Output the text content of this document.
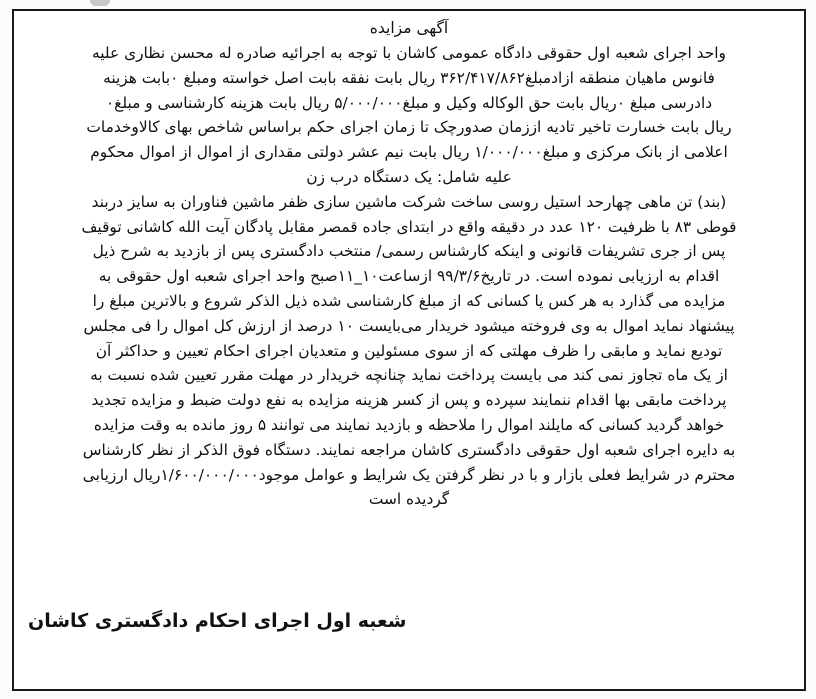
آگهی مزایده
واحد اجرای شعبه اول حقوقی دادگاه عمومی کاشان با توجه به اجرائیه صادره له محسن نظاری علیه
فانوس ماهیان منطقه ازادمبلغ۳۶۲/۴۱۷/۸۶۲ ریال بابت نفقه بابت اصل خواسته ومبلغ ۰بابت هزینه
دادرسی مبلغ ۰ریال بابت حق الوکاله وکیل و مبلغ۵/۰۰۰/۰۰۰ ریال بابت هزینه کارشناسی و مبلغ۰
ریال بابت خسارت تاخیر تادیه اززمان صدورچک تا زمان اجرای حکم براساس شاخص بهای کالاوخدمات
اعلامی از بانک مرکزی و مبلغ۱/۰۰۰/۰۰۰ ریال بابت نیم عشر دولتی مقداری از اموال از اموال محکوم
علیه شامل: یک دستگاه درب زن
(بند) تن ماهی چهارحد استیل روسی ساخت شرکت ماشین سازی ظفر ماشین فناوران به سایز دربند
قوطی ۸۳ با ظرفیت ۱۲۰ عدد در دقیقه واقع در ابتدای جاده قمصر مقابل پادگان آیت الله کاشانی توقیف
پس از جری تشریفات قانونی و اینکه کارشناس رسمی/ منتخب دادگستری پس از بازدید به شرح ذیل
اقدام به ارزیابی نموده است. در تاریخ۹۹/۳/۶ ازساعت۱۰_۱۱صبح واحد اجرای شعبه اول حقوقی به
مزایده می گذارد به هر کس یا کسانی که از مبلغ کارشناسی شده ذیل الذکر شروع و بالاترین مبلغ را
پیشنهاد نماید اموال به وی فروخته میشود خریدار می‌بایست ۱۰ درصد از ارزش کل اموال را فی مجلس
تودیع نماید و مابقی را ظرف مهلتی که از سوی مسئولین و متعدیان اجرای احکام تعیین و حداکثر آن
از یک ماه تجاوز نمی کند می بایست پرداخت نماید چنانچه خریدار در مهلت مقرر تعیین شده نسبت به
پرداخت مابقی بها اقدام ننمایند سپرده و پس از کسر هزینه مزایده به نفع دولت ضبط و مزایده تجدید
خواهد گردید کسانی که مایلند اموال را ملاحظه و بازدید نمایند می توانند ۵ روز مانده به وقت مزایده
به دایره اجرای شعبه اول حقوقی دادگستری کاشان مراجعه نمایند. دستگاه فوق الذکر از نظر کارشناس
محترم در شرایط فعلی بازار و با در نظر گرفتن یک شرایط و عوامل موجود۱/۶۰۰/۰۰۰/۰۰۰ریال ارزیابی
گردیده است
شعبه اول اجرای احکام دادگستری کاشان
